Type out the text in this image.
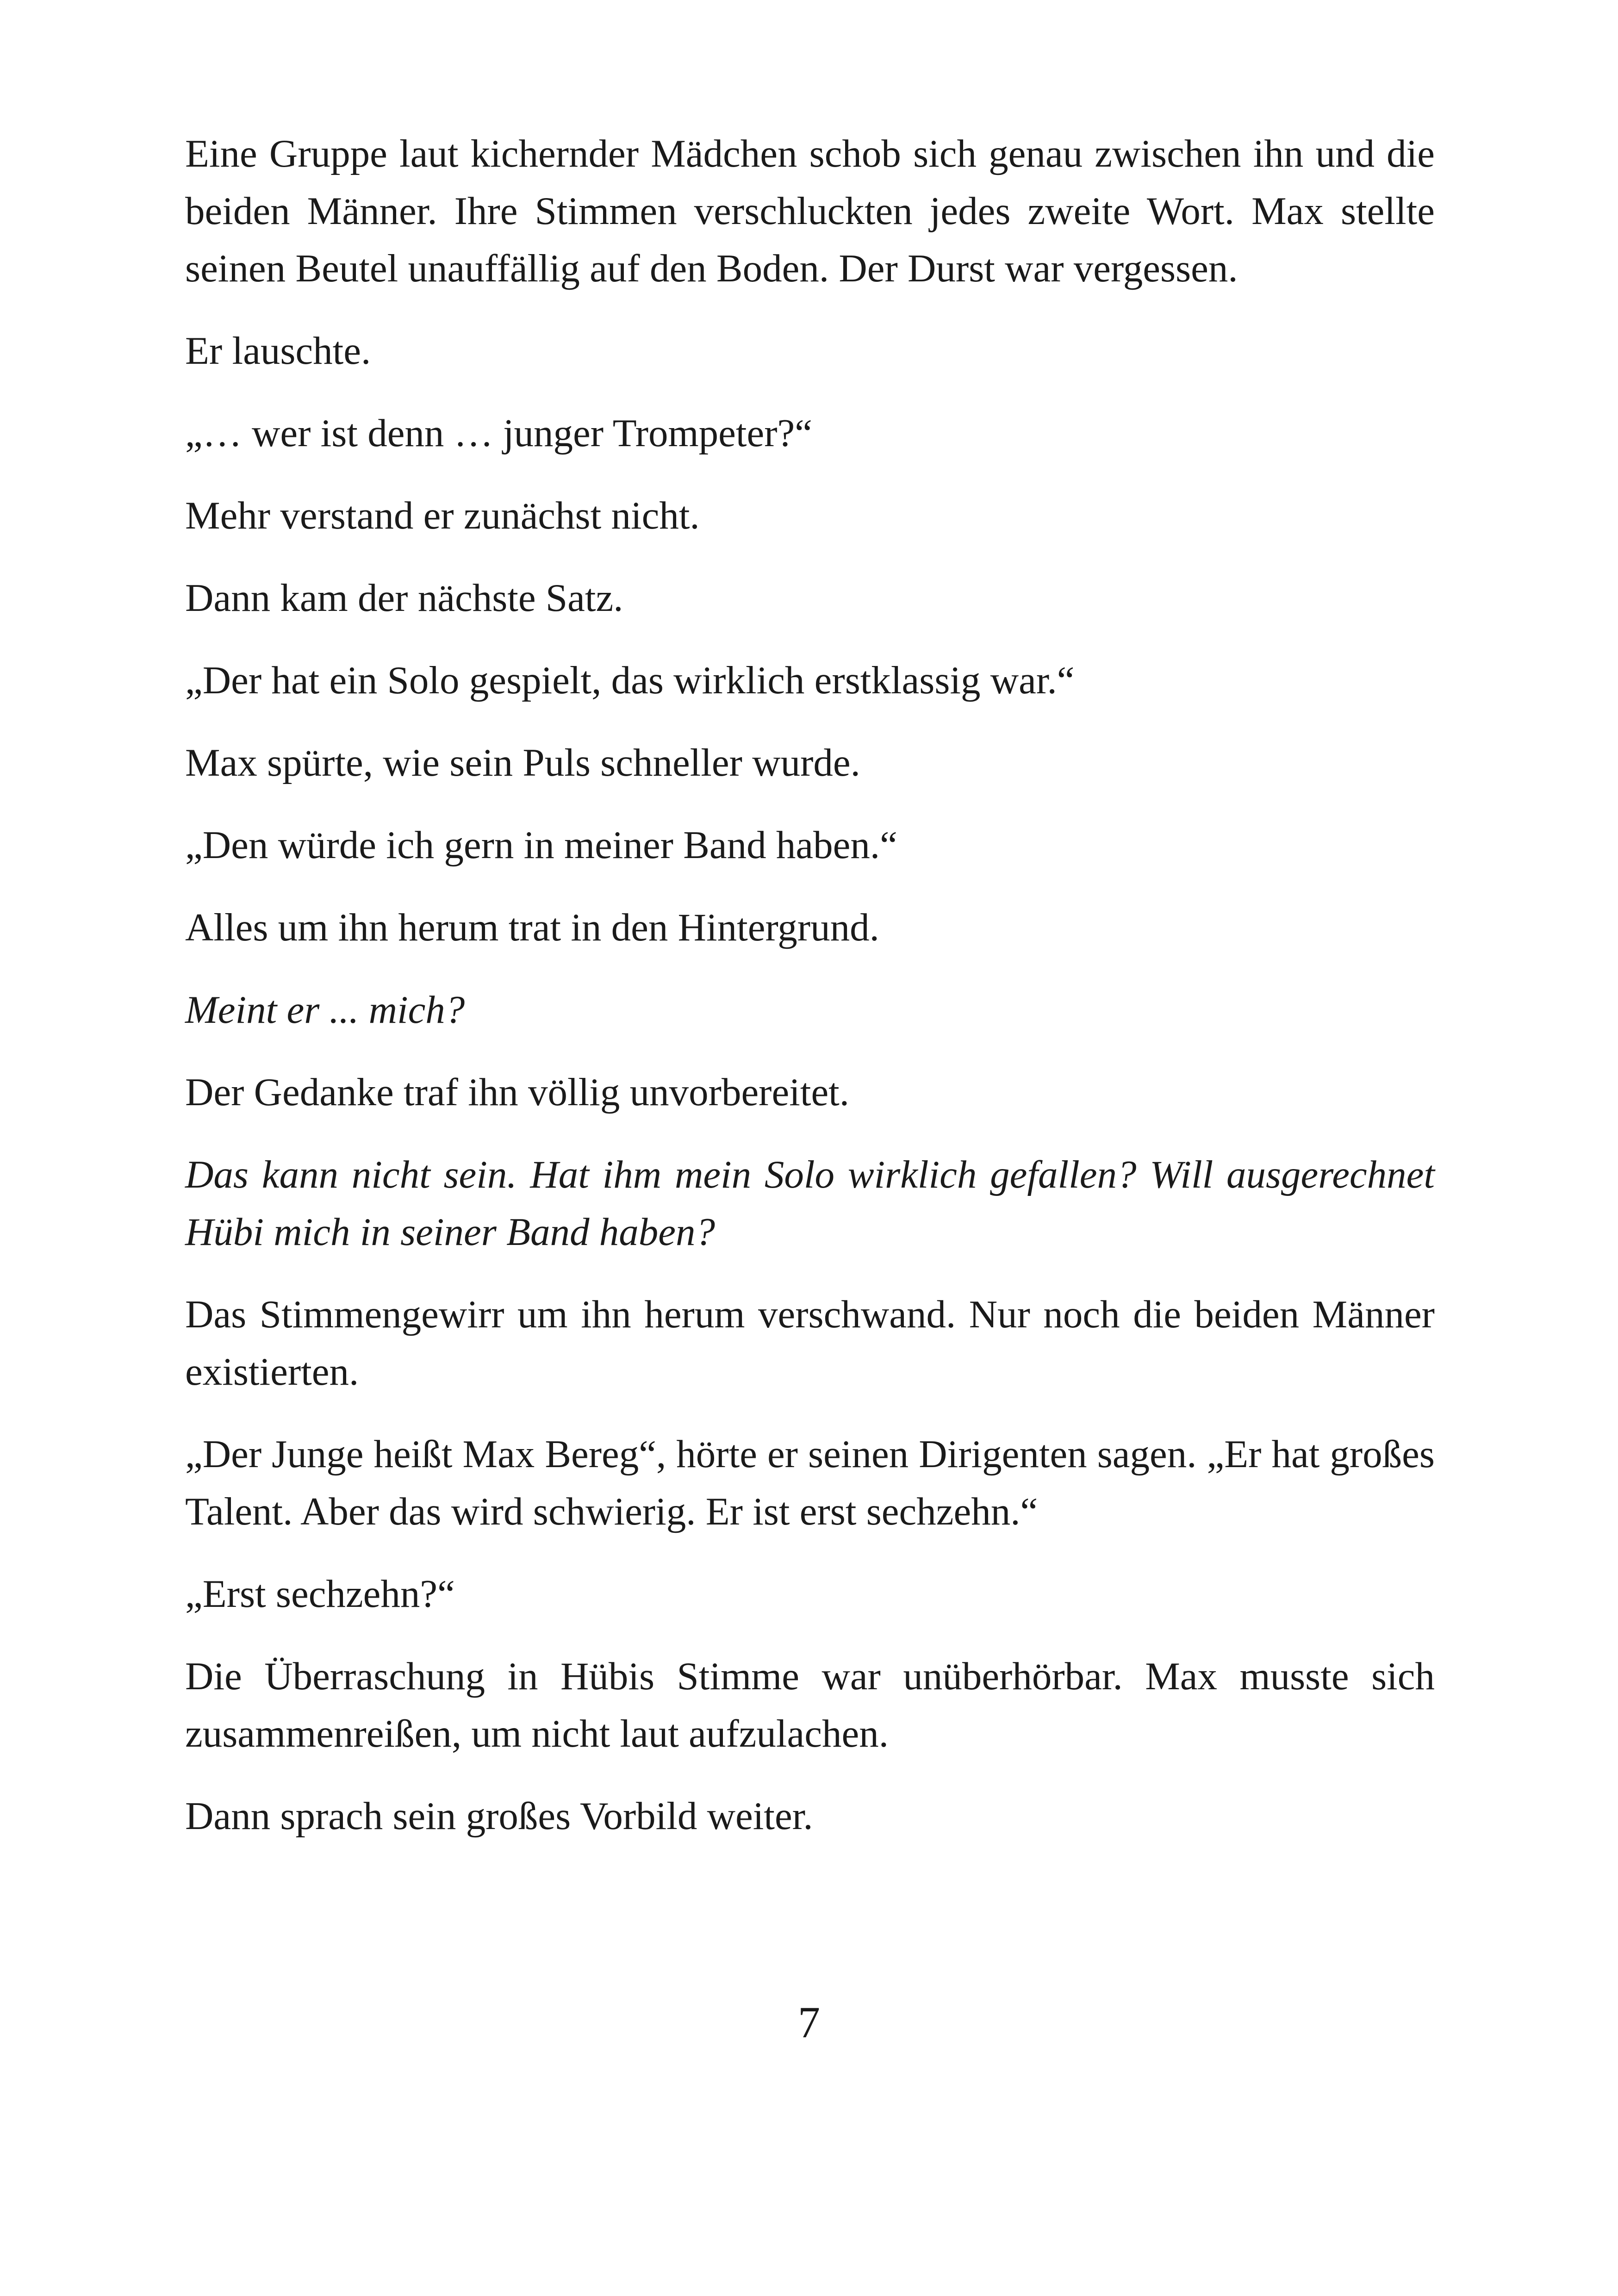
Eine Gruppe laut kichernder Mädchen schob sich genau zwischen ihn und die beiden Männer. Ihre Stimmen verschluckten jedes zweite Wort. Max stellte seinen Beutel unauffällig auf den Boden. Der Durst war vergessen.

Er lauschte.

„… wer ist denn … junger Trompeter?“

Mehr verstand er zunächst nicht.

Dann kam der nächste Satz.

„Der hat ein Solo gespielt, das wirklich erstklassig war.“

Max spürte, wie sein Puls schneller wurde.

„Den würde ich gern in meiner Band haben.“

Alles um ihn herum trat in den Hintergrund.

Meint er ... mich?

Der Gedanke traf ihn völlig unvorbereitet.

Das kann nicht sein. Hat ihm mein Solo wirklich gefallen? Will ausgerechnet Hübi mich in seiner Band haben?

Das Stimmengewirr um ihn herum verschwand. Nur noch die beiden Männer existierten.

„Der Junge heißt Max Bereg“, hörte er seinen Dirigenten sagen. „Er hat großes Talent. Aber das wird schwierig. Er ist erst sechzehn.“

„Erst sechzehn?“

Die Überraschung in Hübis Stimme war unüberhörbar. Max musste sich zusammenreißen, um nicht laut aufzulachen.

Dann sprach sein großes Vorbild weiter.

7
